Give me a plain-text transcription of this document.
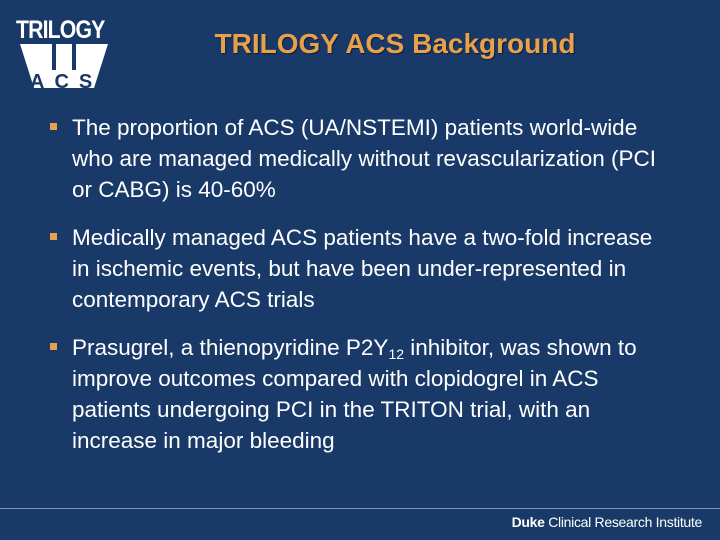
TRILOGY
ACS
TRILOGY ACS Background
The proportion of ACS (UA/NSTEMI) patients world-wide who are managed medically without revascularization (PCI or CABG) is 40-60%
Medically managed ACS patients have a two-fold increase in ischemic events, but have been under-represented in contemporary ACS trials
Prasugrel, a thienopyridine $P2Y_{12}$ inhibitor, was shown to improve outcomes compared with clopidogrel in ACS patients undergoing PCI in the TRITON trial, with an increase in major bleeding
Duke Clinical Research Institute
